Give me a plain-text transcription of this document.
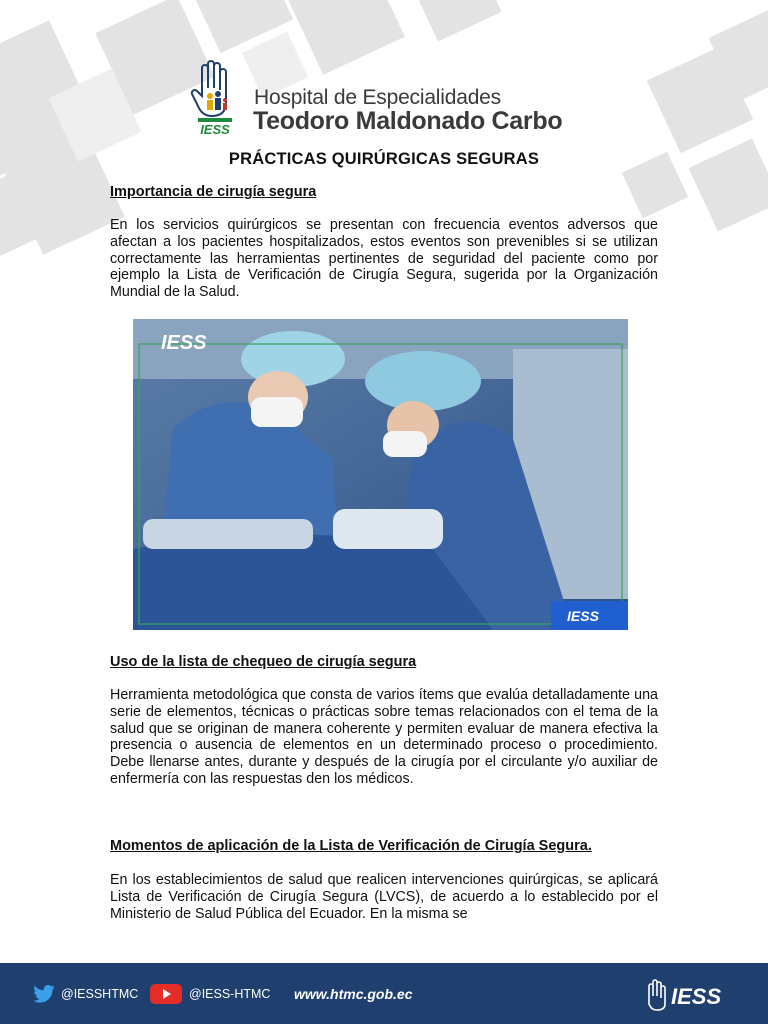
IESS
Hospital de Especialidades
Teodoro Maldonado Carbo
PRÁCTICAS QUIRÚRGICAS SEGURAS
Importancia de cirugía segura
En los servicios quirúrgicos se presentan con frecuencia eventos adversos que afectan a los pacientes hospitalizados, estos eventos son prevenibles si se utilizan correctamente las herramientas pertinentes de seguridad del paciente como por ejemplo la Lista de Verificación de Cirugía Segura, sugerida por la Organización Mundial de la Salud.
IESS
IESS
Uso de la lista de chequeo de cirugía segura
Herramienta metodológica que consta de varios ítems que evalúa detalladamente una serie de elementos, técnicas o prácticas sobre temas relacionados con el tema de la salud que se originan de manera coherente y permiten evaluar de manera efectiva la presencia o ausencia de elementos en un determinado proceso o procedimiento. Debe llenarse antes, durante y después de la cirugía por el circulante y/o auxiliar de enfermería con las respuestas den los médicos.
Momentos de aplicación de la Lista de Verificación de Cirugía Segura.
En los establecimientos de salud que realicen intervenciones quirúrgicas, se aplicará Lista de Verificación de Cirugía Segura (LVCS), de acuerdo a lo establecido por el Ministerio de Salud Pública del Ecuador. En la misma se
@IESSHTMC	@IESS-HTMC www.htmc.gob.ec	IESS
